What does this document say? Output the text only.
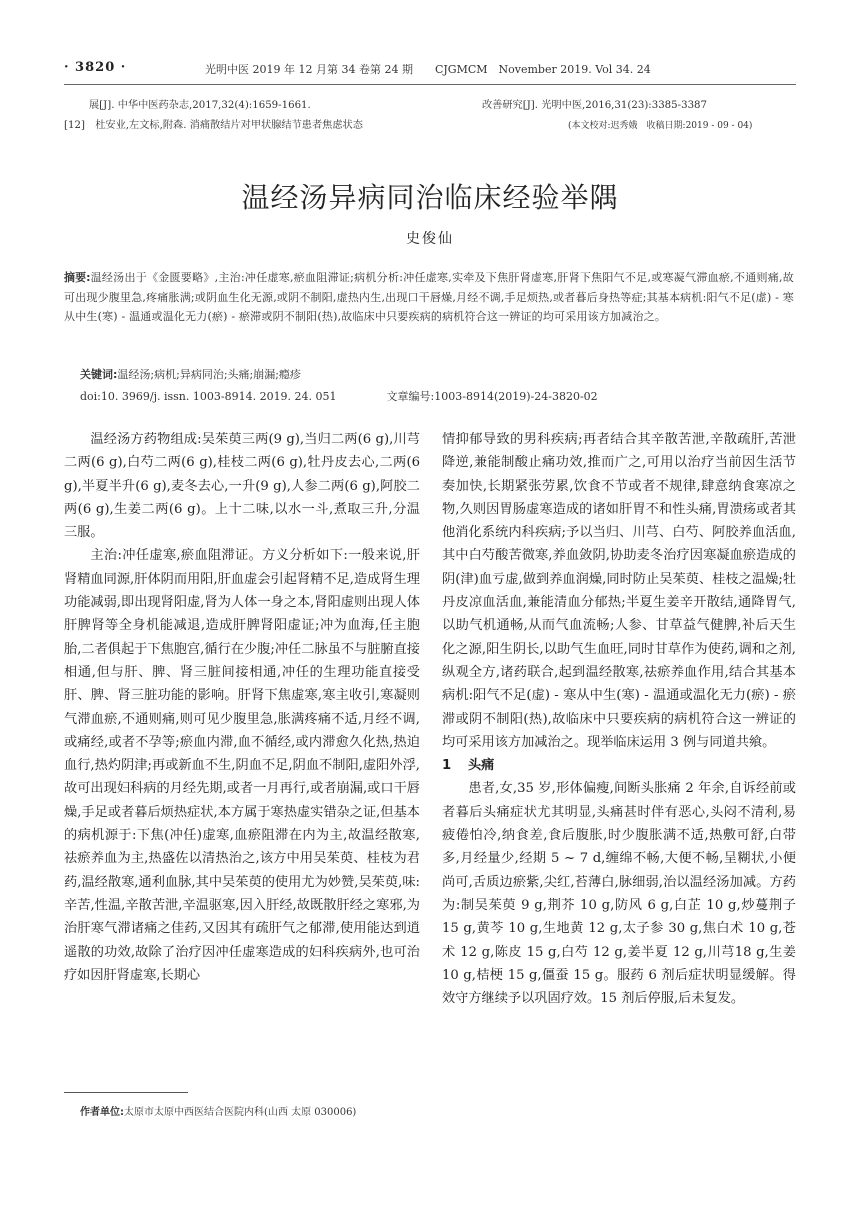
· 3820 ·	光明中医 2019 年 12 月第 34 卷第 24 期　　CJGMCM　November 2019. Vol 34. 24
展[J]. 中华中医药杂志,2017,32(4):1659-1661.
[12] 杜安业,左文标,附森. 消痛散结片对甲状腺结节患者焦虑状态
改善研究[J]. 光明中医,2016,31(23):3385-3387
(本文校对:迟秀娥　收稿日期:2019 - 09 - 04)
温经汤异病同治临床经验举隅
史俊仙
摘要:温经汤出于《金匮要略》,主治:冲任虚寒,瘀血阻滞证;病机分析:冲任虚寒,实牵及下焦肝肾虚寒,肝肾下焦阳气不足,或寒凝气滞血瘀,不通则痛,故可出现少腹里急,疼痛胀满;或阴血生化无源,或阴不制阳,虚热内生,出现口干唇燥,月经不调,手足烦热,或者暮后身热等症;其基本病机:阳气不足(虚) - 寒从中生(寒) - 温通或温化无力(瘀) - 瘀滞或阴不制阳(热),故临床中只要疾病的病机符合这一辨证的均可采用该方加减治之。
关键词:温经汤;病机;异病同治;头痛;崩漏;瘾疹
doi:10. 3969/j. issn. 1003-8914. 2019. 24. 051	文章编号:1003-8914(2019)-24-3820-02

温经汤方药物组成:吴茱萸三两(9 g),当归二两(6 g),川芎二两(6 g),白芍二两(6 g),桂枝二两(6 g),牡丹皮去心,二两(6 g),半夏半升(6 g),麦冬去心,一升(9 g),人参二两(6 g),阿胶二两(6 g),生姜二两(6 g)。上十二味,以水一斗,煮取三升,分温三服。

主治:冲任虚寒,瘀血阻滞证。方义分析如下:一般来说,肝肾精血同源,肝体阴而用阳,肝血虚会引起肾精不足,造成肾生理功能减弱,即出现肾阳虚,肾为人体一身之本,肾阳虚则出现人体肝脾肾等全身机能减退,造成肝脾肾阳虚证;冲为血海,任主胞胎,二者俱起于下焦胞宫,循行在少腹;冲任二脉虽不与脏腑直接相通,但与肝、脾、肾三脏间接相通,冲任的生理功能直接受肝、脾、肾三脏功能的影响。肝肾下焦虚寒,寒主收引,寒凝则气滞血瘀,不通则痛,则可见少腹里急,胀满疼痛不适,月经不调,或痛经,或者不孕等;瘀血内滞,血不循经,或内滞愈久化热,热迫血行,热灼阴津;再或新血不生,阴血不足,阴血不制阳,虚阳外浮,故可出现妇科病的月经先期,或者一月再行,或者崩漏,或口干唇燥,手足或者暮后烦热症状,本方属于寒热虚实错杂之证,但基本的病机源于:下焦(冲任)虚寒,血瘀阻滞在内为主,故温经散寒,祛瘀养血为主,热盛佐以清热治之,该方中用吴茱萸、桂枝为君药,温经散寒,通利血脉,其中吴茱萸的使用尤为妙赞,吴茱萸,味:辛苦,性温,辛散苦泄,辛温驱寒,因入肝经,故既散肝经之寒邪,为治肝寒气滞诸痛之佳药,又因其有疏肝气之郁滞,使用能达到逍遥散的功效,故除了治疗因冲任虚寒造成的妇科疾病外,也可治疗如因肝肾虚寒,长期心

情抑郁导致的男科疾病;再者结合其辛散苦泄,辛散疏肝,苦泄降逆,兼能制酸止痛功效,推而广之,可用以治疗当前因生活节奏加快,长期紧张劳累,饮食不节或者不规律,肆意纳食寒凉之物,久则因胃肠虚寒造成的诸如肝胃不和性头痛,胃溃疡或者其他消化系统内科疾病;予以当归、川芎、白芍、阿胶养血活血,其中白芍酸苦微寒,养血敛阴,协助麦冬治疗因寒凝血瘀造成的阴(津)血亏虚,做到养血润燥,同时防止吴茱萸、桂枝之温燥;牡丹皮凉血活血,兼能清血分郁热;半夏生姜辛开散结,通降胃气,以助气机通畅,从而气血流畅;人参、甘草益气健脾,补后天生化之源,阳生阴长,以助气生血旺,同时甘草作为使药,调和之剂,纵观全方,诸药联合,起到温经散寒,祛瘀养血作用,结合其基本病机:阳气不足(虚) - 寒从中生(寒) - 温通或温化无力(瘀) - 瘀滞或阴不制阳(热),故临床中只要疾病的病机符合这一辨证的均可采用该方加减治之。现举临床运用 3 例与同道共飨。

1 头痛

患者,女,35 岁,形体偏瘦,间断头胀痛 2 年余,自诉经前或者暮后头痛症状尤其明显,头痛甚时伴有恶心,头闷不清利,易疲倦怕冷,纳食差,食后腹胀,时少腹胀满不适,热敷可舒,白带多,月经量少,经期 5 ~ 7 d,缠绵不畅,大便不畅,呈糊状,小便尚可,舌质边瘀紫,尖红,苔薄白,脉细弱,治以温经汤加减。方药为:制吴茱萸 9 g,荆芥 10 g,防风 6 g,白芷 10 g,炒蔓荆子 15 g,黄芩 10 g,生地黄 12 g,太子参 30 g,焦白术 10 g,苍术 12 g,陈皮 15 g,白芍 12 g,姜半夏 12 g,川芎18 g,生姜 10 g,桔梗 15 g,僵蚕 15 g。服药 6 剂后症状明显缓解。得效守方继续予以巩固疗效。15 剂后停服,后未复发。

作者单位:太原市太原中西医结合医院内科(山西 太原 030006)
